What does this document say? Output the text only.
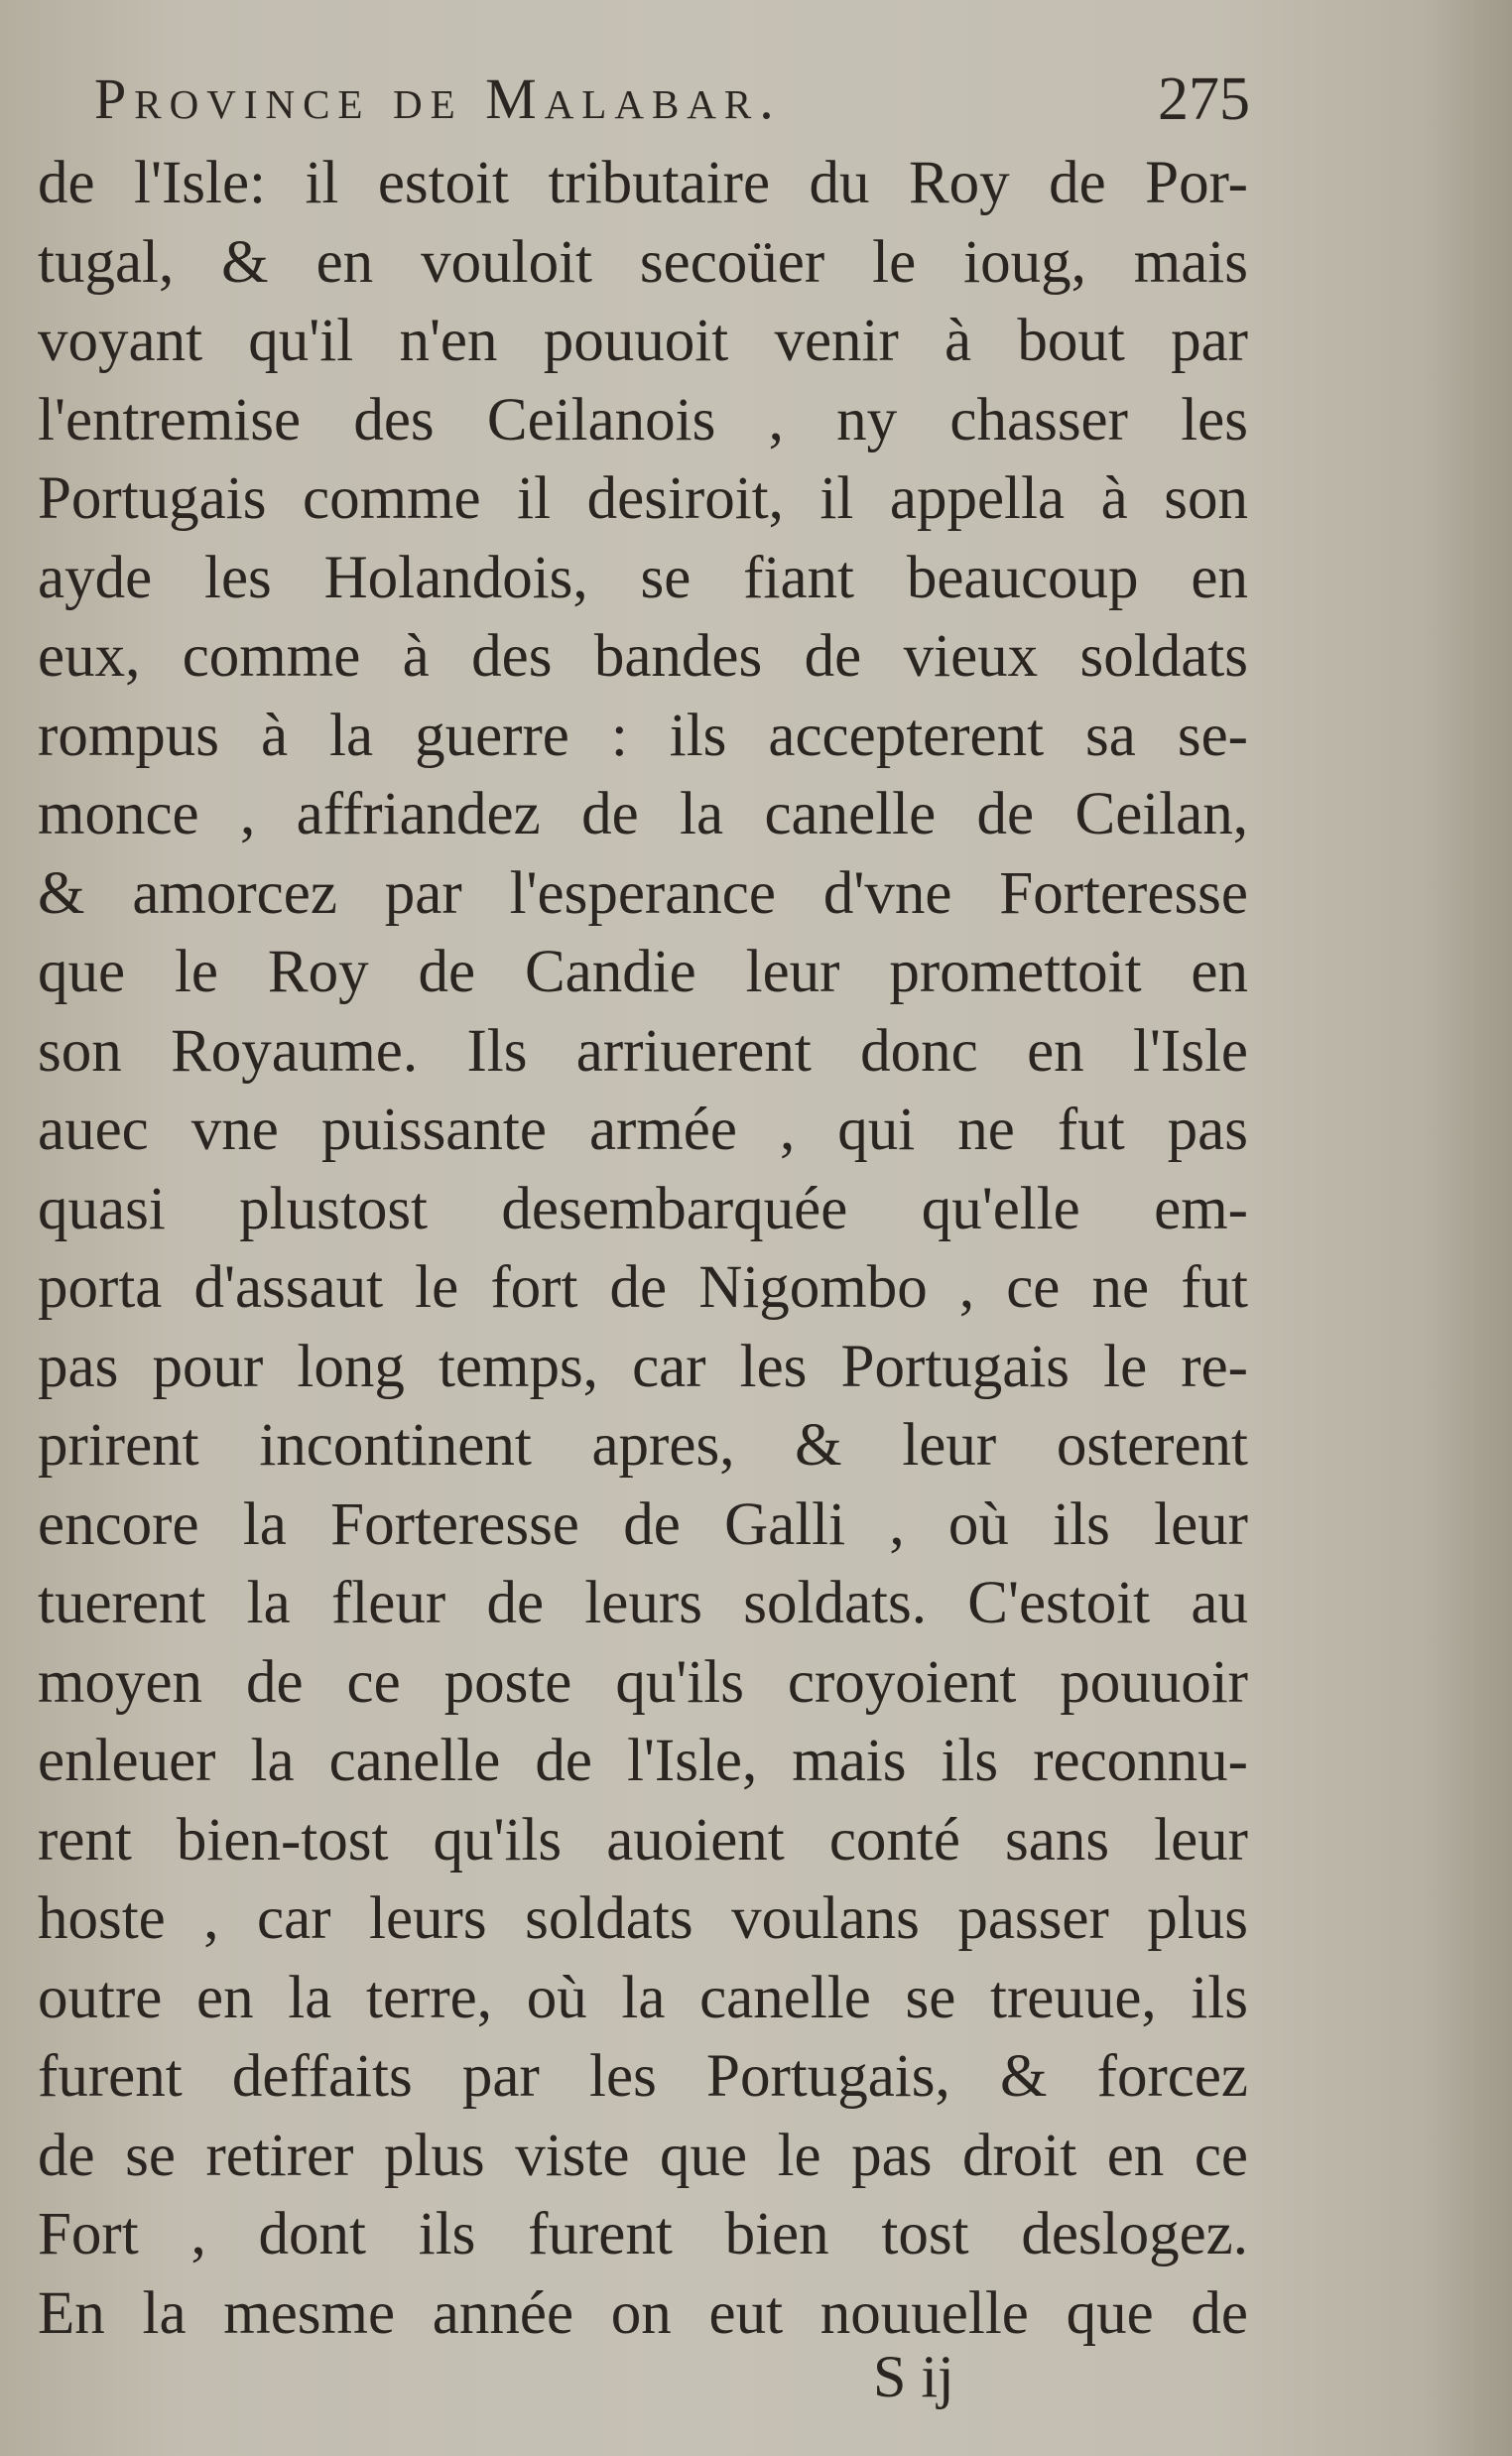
Province de Malabar.	275
de l'Isle: il estoit tributaire du Roy de Por-
tugal, & en vouloit secoüer le ioug, mais
voyant qu'il n'en pouuoit venir à bout par
l'entremise des Ceilanois , ny chasser les
Portugais comme il desiroit, il appella à son
ayde les Holandois, se fiant beaucoup en
eux, comme à des bandes de vieux soldats
rompus à la guerre : ils accepterent sa se-
monce , affriandez de la canelle de Ceilan,
& amorcez par l'esperance d'vne Forteresse
que le Roy de Candie leur promettoit en
son Royaume. Ils arriuerent donc en l'Isle
auec vne puissante armée , qui ne fut pas
quasi plustost desembarquée qu'elle em-
porta d'assaut le fort de Nigombo , ce ne fut
pas pour long temps, car les Portugais le re-
prirent incontinent apres, & leur osterent
encore la Forteresse de Galli , où ils leur
tuerent la fleur de leurs soldats. C'estoit au
moyen de ce poste qu'ils croyoient pouuoir
enleuer la canelle de l'Isle, mais ils reconnu-
rent bien-tost qu'ils auoient conté sans leur
hoste , car leurs soldats voulans passer plus
outre en la terre, où la canelle se treuue, ils
furent deffaits par les Portugais, & forcez
de se retirer plus viste que le pas droit en ce
Fort , dont ils furent bien tost deslogez.
En la mesme année on eut nouuelle que de
S ij
